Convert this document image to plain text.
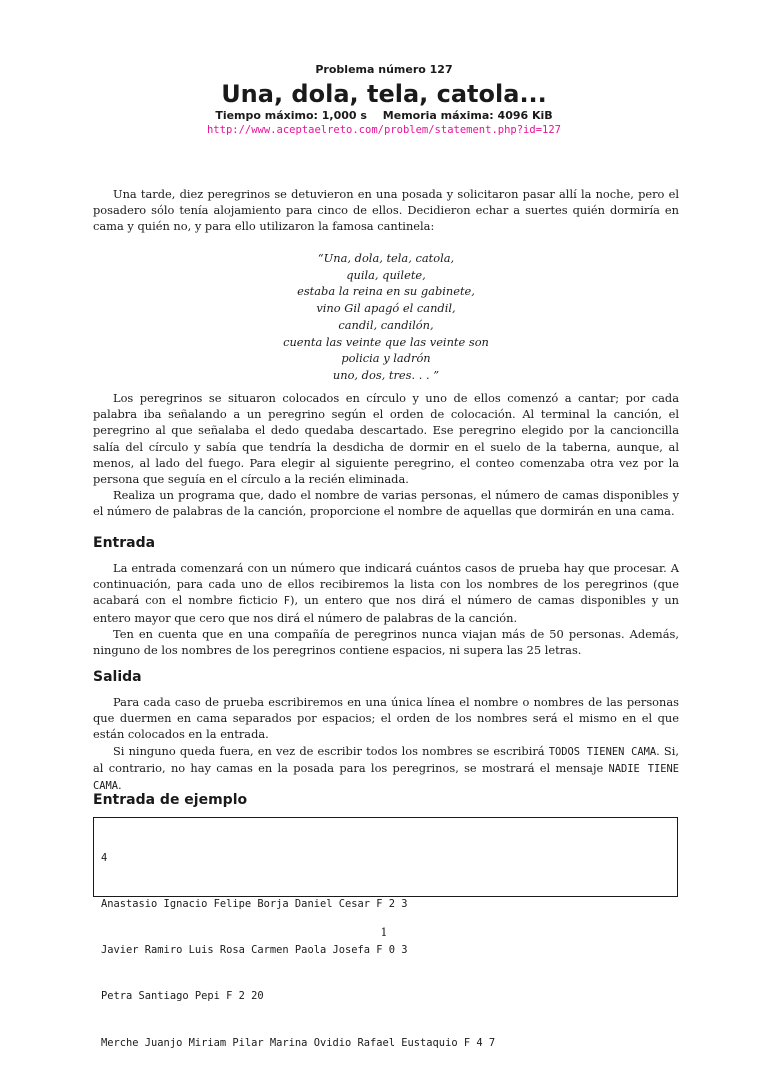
Problema número 127
Una, dola, tela, catola...
Tiempo máximo: 1,000 s Memoria máxima: 4096 KiB
http://www.aceptaelreto.com/problem/statement.php?id=127

Una tarde, diez peregrinos se detuvieron en una posada y solicitaron pasar allí la noche, pero el posadero sólo tenía alojamiento para cinco de ellos. Decidieron echar a suertes quién dormiría en cama y quién no, y para ello utilizaron la famosa cantinela:

“Una, dola, tela, catola,
quila, quilete,
estaba la reina en su gabinete,
vino Gil apagó el candil,
candil, candilón,
cuenta las veinte que las veinte son
policia y ladrón
uno, dos, tres. . . ”

Los peregrinos se situaron colocados en círculo y uno de ellos comenzó a cantar; por cada palabra iba señalando a un peregrino según el orden de colocación. Al terminal la canción, el peregrino al que señalaba el dedo quedaba descartado. Ese peregrino elegido por la cancioncilla salía del círculo y sabía que tendría la desdicha de dormir en el suelo de la taberna, aunque, al menos, al lado del fuego. Para elegir al siguiente peregrino, el conteo comenzaba otra vez por la persona que seguía en el círculo a la recién eliminada.

Realiza un programa que, dado el nombre de varias personas, el número de camas disponibles y el número de palabras de la canción, proporcione el nombre de aquellas que dormirán en una cama.

Entrada

La entrada comenzará con un número que indicará cuántos casos de prueba hay que procesar. A continuación, para cada uno de ellos recibiremos la lista con los nombres de los peregrinos (que acabará con el nombre ficticio F), un entero que nos dirá el número de camas disponibles y un entero mayor que cero que nos dirá el número de palabras de la canción.

Ten en cuenta que en una compañía de peregrinos nunca viajan más de 50 personas. Además, ninguno de los nombres de los peregrinos contiene espacios, ni supera las 25 letras.

Salida

Para cada caso de prueba escribiremos en una única línea el nombre o nombres de las personas que duermen en cama separados por espacios; el orden de los nombres será el mismo en el que están colocados en la entrada.

Si ninguno queda fuera, en vez de escribir todos los nombres se escribirá TODOS TIENEN CAMA. Si, al contrario, no hay camas en la posada para los peregrinos, se mostrará el mensaje NADIE TIENE CAMA.

Entrada de ejemplo

4

Anastasio Ignacio Felipe Borja Daniel Cesar F 2 3

Javier Ramiro Luis Rosa Carmen Paola Josefa F 0 3

Petra Santiago Pepi F 2 20

Merche Juanjo Miriam Pilar Marina Ovidio Rafael Eustaquio F 4 7

1
